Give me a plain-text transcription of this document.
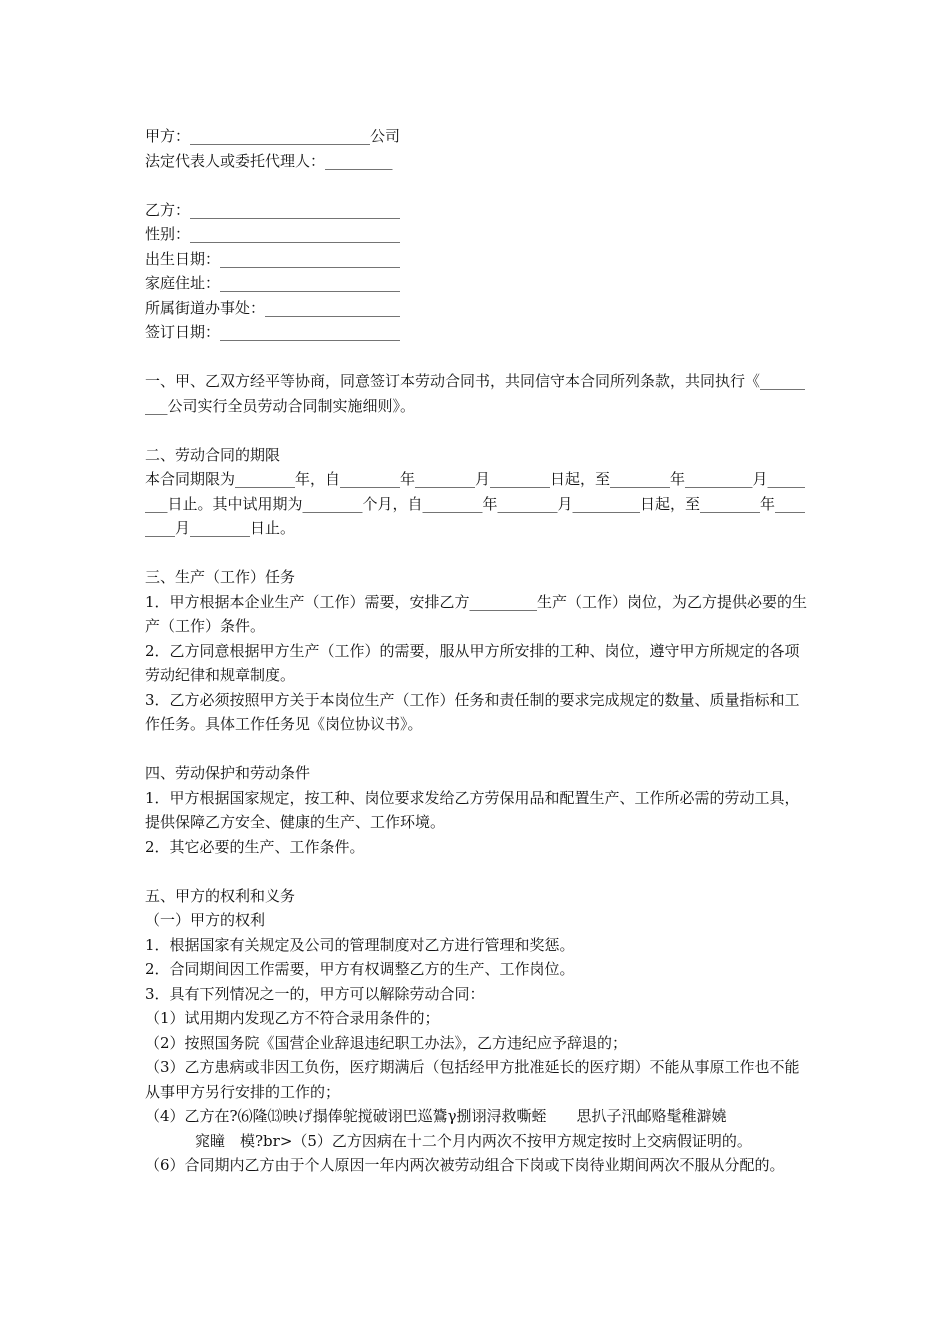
甲方：________________________公司
法定代表人或委托代理人：_________
乙方：____________________________
性别：____________________________
出生日期：________________________
家庭住址：________________________
所属街道办事处：__________________
签订日期：________________________
一、甲、乙双方经平等协商，同意签订本劳动合同书，共同信守本合同所列条款，共同执行《_________公司实行全员劳动合同制实施细则》。
二、劳动合同的期限
本合同期限为________年，自________年________月________日起，至________年_________月________日止。其中试用期为________个月，自________年________月_________日起，至________年________月________日止。
三、生产（工作）任务
1．甲方根据本企业生产（工作）需要，安排乙方_________生产（工作）岗位，为乙方提供必要的生产（工作）条件。
2．乙方同意根据甲方生产（工作）的需要，服从甲方所安排的工种、岗位，遵守甲方所规定的各项劳动纪律和规章制度。
3．乙方必须按照甲方关于本岗位生产（工作）任务和责任制的要求完成规定的数量、质量指标和工作任务。具体工作任务见《岗位协议书》。
四、劳动保护和劳动条件
1．甲方根据国家规定，按工种、岗位要求发给乙方劳保用品和配置生产、工作所必需的劳动工具，提供保障乙方安全、健康的生产、工作环境。
2．其它必要的生产、工作条件。
五、甲方的权利和义务
（一）甲方的权利
1．根据国家有关规定及公司的管理制度对乙方进行管理和奖惩。
2．合同期间因工作需要，甲方有权调整乙方的生产、工作岗位。
3．具有下列情况之一的，甲方可以解除劳动合同：
（1）试用期内发现乙方不符合录用条件的；
（2）按照国务院《国营企业辞退违纪职工办法》，乙方违纪应予辞退的；
（3）乙方患病或非因工负伤，医疗期满后（包括经甲方批准延长的医疗期）不能从事原工作也不能从事甲方另行安排的工作的；
（4）乙方在?⑹隆⒀映げ搨俸鸵搅破诩巴巡鷟γ捌诩浔救嘶蛭　　思扒子汛邮赂髦稚澼嬈
窕瞳　模?br>（5）乙方因病在十二个月内两次不按甲方规定按时上交病假证明的。
（6）合同期内乙方由于个人原因一年内两次被劳动组合下岗或下岗待业期间两次不服从分配的。
